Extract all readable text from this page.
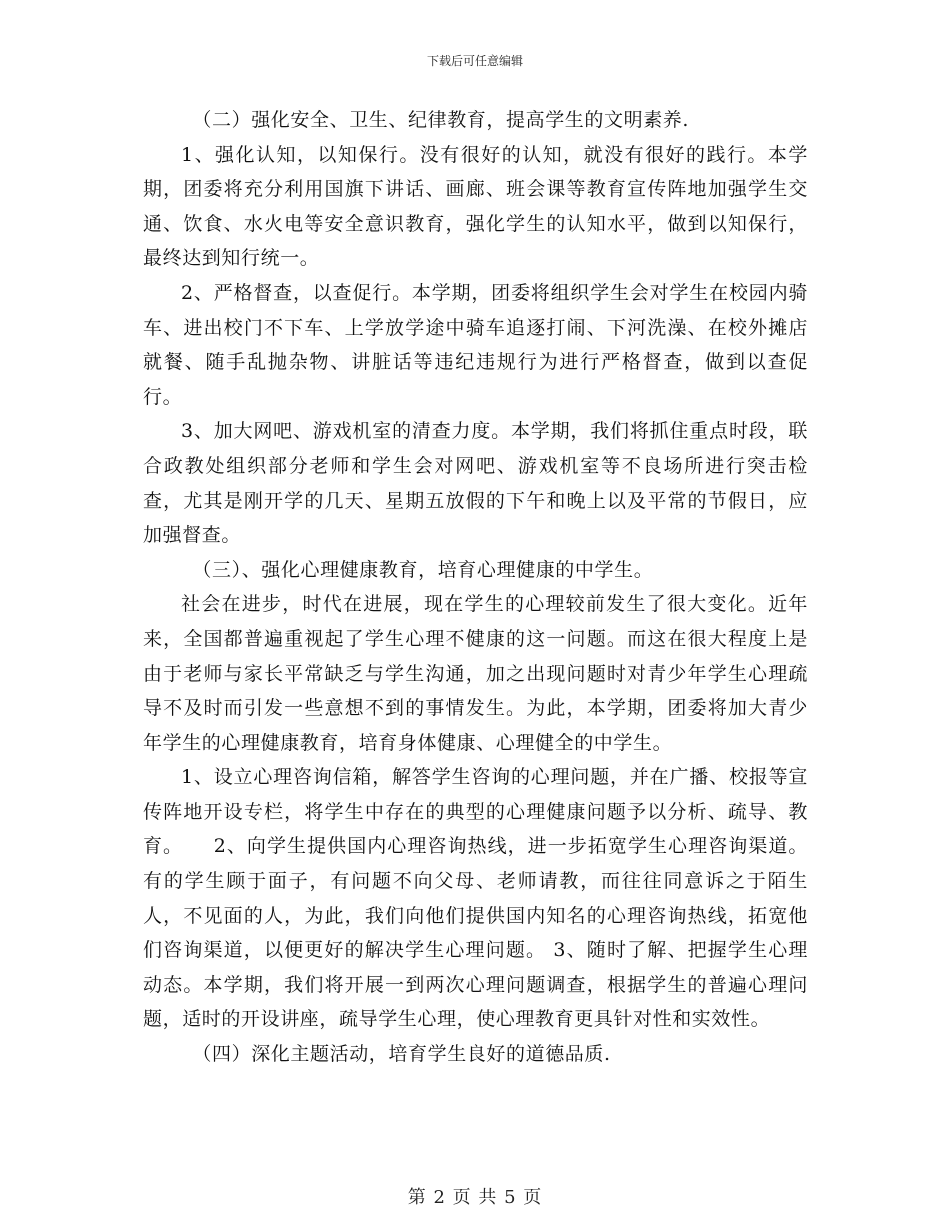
下载后可任意编辑

（二）强化安全、卫生、纪律教育，提高学生的文明素养.

1、强化认知，以知保行。没有很好的认知，就没有很好的践行。本学期，团委将充分利用国旗下讲话、画廊、班会课等教育宣传阵地加强学生交通、饮食、水火电等安全意识教育，强化学生的认知水平，做到以知保行，最终达到知行统一。

2、严格督查，以查促行。本学期，团委将组织学生会对学生在校园内骑车、进出校门不下车、上学放学途中骑车追逐打闹、下河洗澡、在校外摊店就餐、随手乱抛杂物、讲脏话等违纪违规行为进行严格督查，做到以查促行。

3、加大网吧、游戏机室的清查力度。本学期，我们将抓住重点时段，联合政教处组织部分老师和学生会对网吧、游戏机室等不良场所进行突击检查，尤其是刚开学的几天、星期五放假的下午和晚上以及平常的节假日，应加强督查。

（三）、强化心理健康教育，培育心理健康的中学生。

社会在进步，时代在进展，现在学生的心理较前发生了很大变化。近年来，全国都普遍重视起了学生心理不健康的这一问题。而这在很大程度上是由于老师与家长平常缺乏与学生沟通，加之出现问题时对青少年学生心理疏导不及时而引发一些意想不到的事情发生。为此，本学期，团委将加大青少年学生的心理健康教育，培育身体健康、心理健全的中学生。

1、设立心理咨询信箱，解答学生咨询的心理问题，并在广播、校报等宣传阵地开设专栏，将学生中存在的典型的心理健康问题予以分析、疏导、教育。　　2、向学生提供国内心理咨询热线，进一步拓宽学生心理咨询渠道。有的学生顾于面子，有问题不向父母、老师请教，而往往同意诉之于陌生人，不见面的人，为此，我们向他们提供国内知名的心理咨询热线，拓宽他们咨询渠道，以便更好的解决学生心理问题。 3、随时了解、把握学生心理动态。本学期，我们将开展一到两次心理问题调查，根据学生的普遍心理问题，适时的开设讲座，疏导学生心理，使心理教育更具针对性和实效性。

（四）深化主题活动，培育学生良好的道德品质.

第 2 页 共 5 页
